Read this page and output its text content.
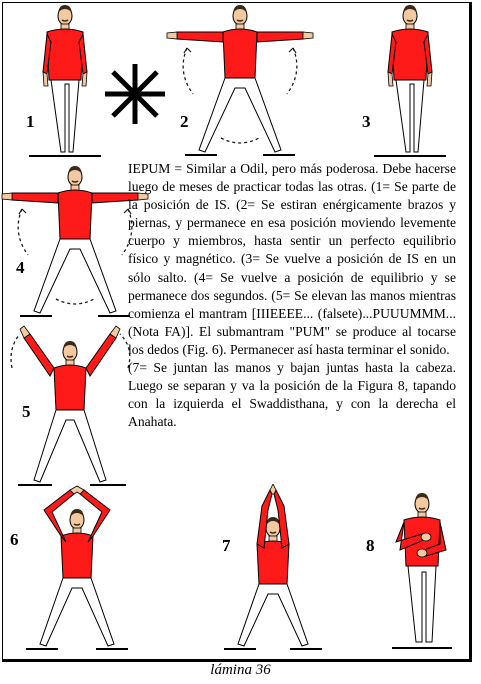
1	2	3
4
5
6	7	8

IEPUM = Similar a Odil, pero más poderosa. Debe hacerse luego de meses de practicar todas las otras. (1= Se parte de la posición de IS. (2= Se estiran enérgicamente brazos y piernas, y permanece en esa posición moviendo levemente cuerpo y miembros, hasta sentir un perfecto equilibrio físico y magnético. (3= Se vuelve a posición de IS en un sólo salto. (4= Se vuelve a posición de equilibrio y se permanece dos segundos. (5= Se elevan las manos mientras comienza el mantram [IIIEEEE... (falsete)...PUUUMMM...(Nota FA)]. El submantram "PUM" se produce al tocarse los dedos (Fig. 6). Permanecer así hasta terminar el sonido.

(7= Se juntan las manos y bajan juntas hasta la cabeza. Luego se separan y va la posición de la Figura 8, tapando con la izquierda el Swaddisthana, y con la derecha el Anahata.

lámina 36
